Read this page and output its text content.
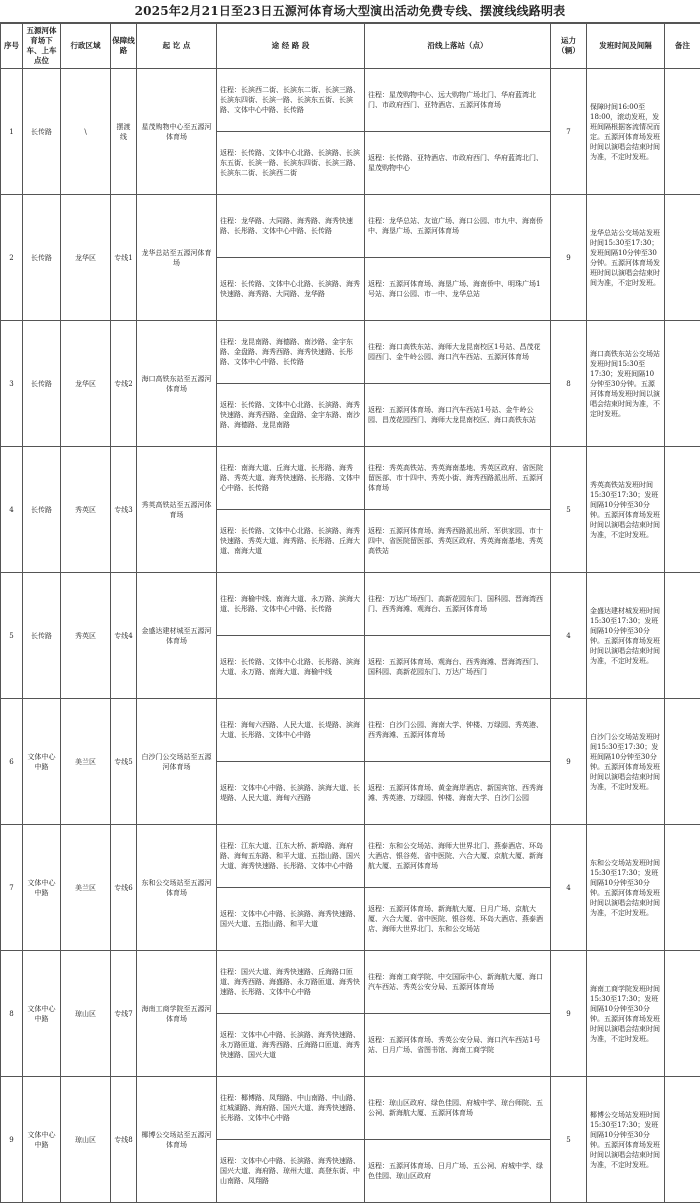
2025年2月21日至23日五源河体育场大型演出活动免费专线、摆渡线线路明表
序号	五源河体育场下车、上车点位	行政区域	保障线路	起 讫 点	途 经 路 段	沿线上落站（点）	运力（辆）	发班时间及间隔	备注
1	长传路	\	摆渡线	星茂购物中心至五源河体育场	往程：长滨西二街、长滨东二街、长滨三路、长滨东四街、长滨一路、长滨东五街、长滨路、文体中心中路、长传路	往程：星茂购物中心、远大购物广场北门、华府蓝湾北门、市政府西门、亚特酒店、五源河体育场	7	保障时间16:00至18:00，滚动发班，发班间隔根据客流情况而定。五源河体育场发班时间以演唱会结束时间为准，不定时发班。	
					返程：长传路、文体中心北路、长滨路、长滨东五街、长滨一路、长滨东四街、长滨三路、长滨东二街、长滨西二街	返程：长传路、亚特酒店、市政府西门、华府蓝湾北门、星茂购物中心			
2	长传路	龙华区	专线1	龙华总站至五源河体育场	往程：龙华路、大同路、海秀路、海秀快速路、长彤路、文体中心中路、长传路	往程：龙华总站、友谊广场、海口公园、市九中、海南侨中、海垦广场、五源河体育场	9	龙华总站公交场站发班时间15:30至17:30；发班间隔10分钟至30分钟。五源河体育场发班时间以演唱会结束时间为准，不定时发班。	
					返程：长传路、文体中心北路、长滨路、海秀快速路、海秀路、大同路、龙华路	返程：五源河体育场、海垦广场、海南侨中、明珠广场1号站、海口公园、市一中、龙华总站			
3	长传路	龙华区	专线2	海口高铁东站至五源河体育场	往程：龙昆南路、海德路、南沙路、金宇东路、金盘路、海秀西路、海秀快速路、长彤路、文体中心中路、长传路	往程：海口高铁东站、海师大龙昆南校区1号站、昌茂花园西门、金牛岭公园、海口汽车西站、五源河体育场	8	海口高铁东站公交场站发班时间15:30至17:30；发班间隔10分钟至30分钟。五源河体育场发班时间以演唱会结束时间为准，不定时发班。	
					返程：长传路、文体中心北路、长滨路、海秀快速路、海秀西路、金盘路、金宇东路、南沙路、海德路、龙昆南路	返程：五源河体育场、海口汽车西站1号站、金牛岭公园、昌茂花园西门、海师大龙昆南校区、海口高铁东站			
4	长传路	秀英区	专线3	秀英高铁站至五源河体育场	往程：南海大道、丘海大道、长彤路、海秀路、秀英大道、海秀快速路、长彤路、文体中心中路、长传路	往程：秀英高铁站、秀英海南基地、秀英区政府、省医院留医部、市十四中、秀英小街、海秀西路派出所、五源河体育场	5	秀英高铁站发班时间15:30至17:30；发班间隔10分钟至30分钟。五源河体育场发班时间以演唱会结束时间为准，不定时发班。	
					返程：长传路、文体中心北路、长滨路、海秀快速路、秀英大道、海秀路、长彤路、丘海大道、南海大道	返程：五源河体育场、海秀西路派出所、军供家园、市十四中、省医院留医部、秀英区政府、秀英海南基地、秀英高铁站			
5	长传路	秀英区	专线4	金盛达建材城至五源河体育场	往程：海榆中线、南海大道、永万路、滨海大道、长彤路、文体中心中路、长传路	往程：万达广场西门、高新花园东门、国科园、晋海湾西门、西秀海滩、观海台、五源河体育场	4	金盛达建材城发班时间15:30至17:30；发班间隔10分钟至30分钟。五源河体育场发班时间以演唱会结束时间为准，不定时发班。	
					返程：长传路、文体中心北路、长彤路、滨海大道、永万路、南海大道、海榆中线	返程：五源河体育场、观海台、西秀海滩、晋海湾西门、国科园、高新花园东门、万达广场西门			
6	文体中心中路	美兰区	专线5	白沙门公交场站至五源河体育场	往程：海甸六西路、人民大道、长堤路、滨海大道、长彤路、文体中心中路	往程：白沙门公园、海南大学、钟楼、万绿园、秀英港、西秀海滩、五源河体育场	9	白沙门公交场站发班时间15:30至17:30；发班间隔10分钟至30分钟。五源河体育场发班时间以演唱会结束时间为准，不定时发班。	
					返程：文体中心中路、长滨路、滨海大道、长堤路、人民大道、海甸六西路	返程：五源河体育场、黄金海岸酒店、新国宾馆、西秀海滩、秀英港、万绿园、钟楼、海南大学、白沙门公园			
7	文体中心中路	美兰区	专线6	东和公交场站至五源河体育场	往程：江东大道、江东大桥、新埠路、海府路、海甸五东路、和平大道、五指山路、国兴大道、海秀快速路、长彤路、文体中心中路	往程：东和公交场站、海师大世界北门、燕泰酒店、环岛大酒店、银谷苑、省中医院、六合大厦、京航大厦、新海航大厦、五源河体育场	4	东和公交场站发班时间15:30至17:30；发班间隔10分钟至30分钟。五源河体育场发班时间以演唱会结束时间为准，不定时发班。	
					返程：文体中心中路、长滨路、海秀快速路、国兴大道、五指山路、和平大道	返程：五源河体育场、新海航大厦、日月广场、京航大厦、六合大厦、省中医院、银谷苑、环岛大酒店、燕泰酒店、海师大世界北门、东和公交场站			
8	文体中心中路	琼山区	专线7	海南工商学院至五源河体育场	往程：国兴大道、海秀快速路、丘海路口匝道、海秀西路、海盛路、永万路匝道、海秀快速路、长彤路、文体中心中路	往程：海南工商学院、中交国际中心、新海航大厦、海口汽车西站、秀英公安分局、五源河体育场	9	海南工商学院发班时间15:30至17:30；发班间隔10分钟至30分钟。五源河体育场发班时间以演唱会结束时间为准，不定时发班。	
					返程：文体中心中路、长滨路、海秀快速路、永万路匝道、海秀西路、丘海路口匝道、海秀快速路、国兴大道	返程：五源河体育场、秀英公安分局、海口汽车西站1号站、日月广场、省图书馆、海南工商学院			
9	文体中心中路	琼山区	专线8	椰博公交场站至五源河体育场	往程：椰博路、凤翔路、中山南路、中山路、红城湖路、海府路、国兴大道、海秀快速路、长彤路、文体中心中路	往程：琼山区政府、绿色佳园、府城中学、琼台师院、五公祠、新海航大厦、五源河体育场	5	椰博公交场站发班时间15:30至17:30；发班间隔10分钟至30分钟。五源河体育场发班时间以演唱会结束时间为准，不定时发班。	
					返程：文体中心中路、长滨路、海秀快速路、国兴大道、海府路、琼州大道、高登东街、中山南路、凤翔路	返程：五源河体育场、日月广场、五公祠、府城中学、绿色佳园、琼山区政府			
